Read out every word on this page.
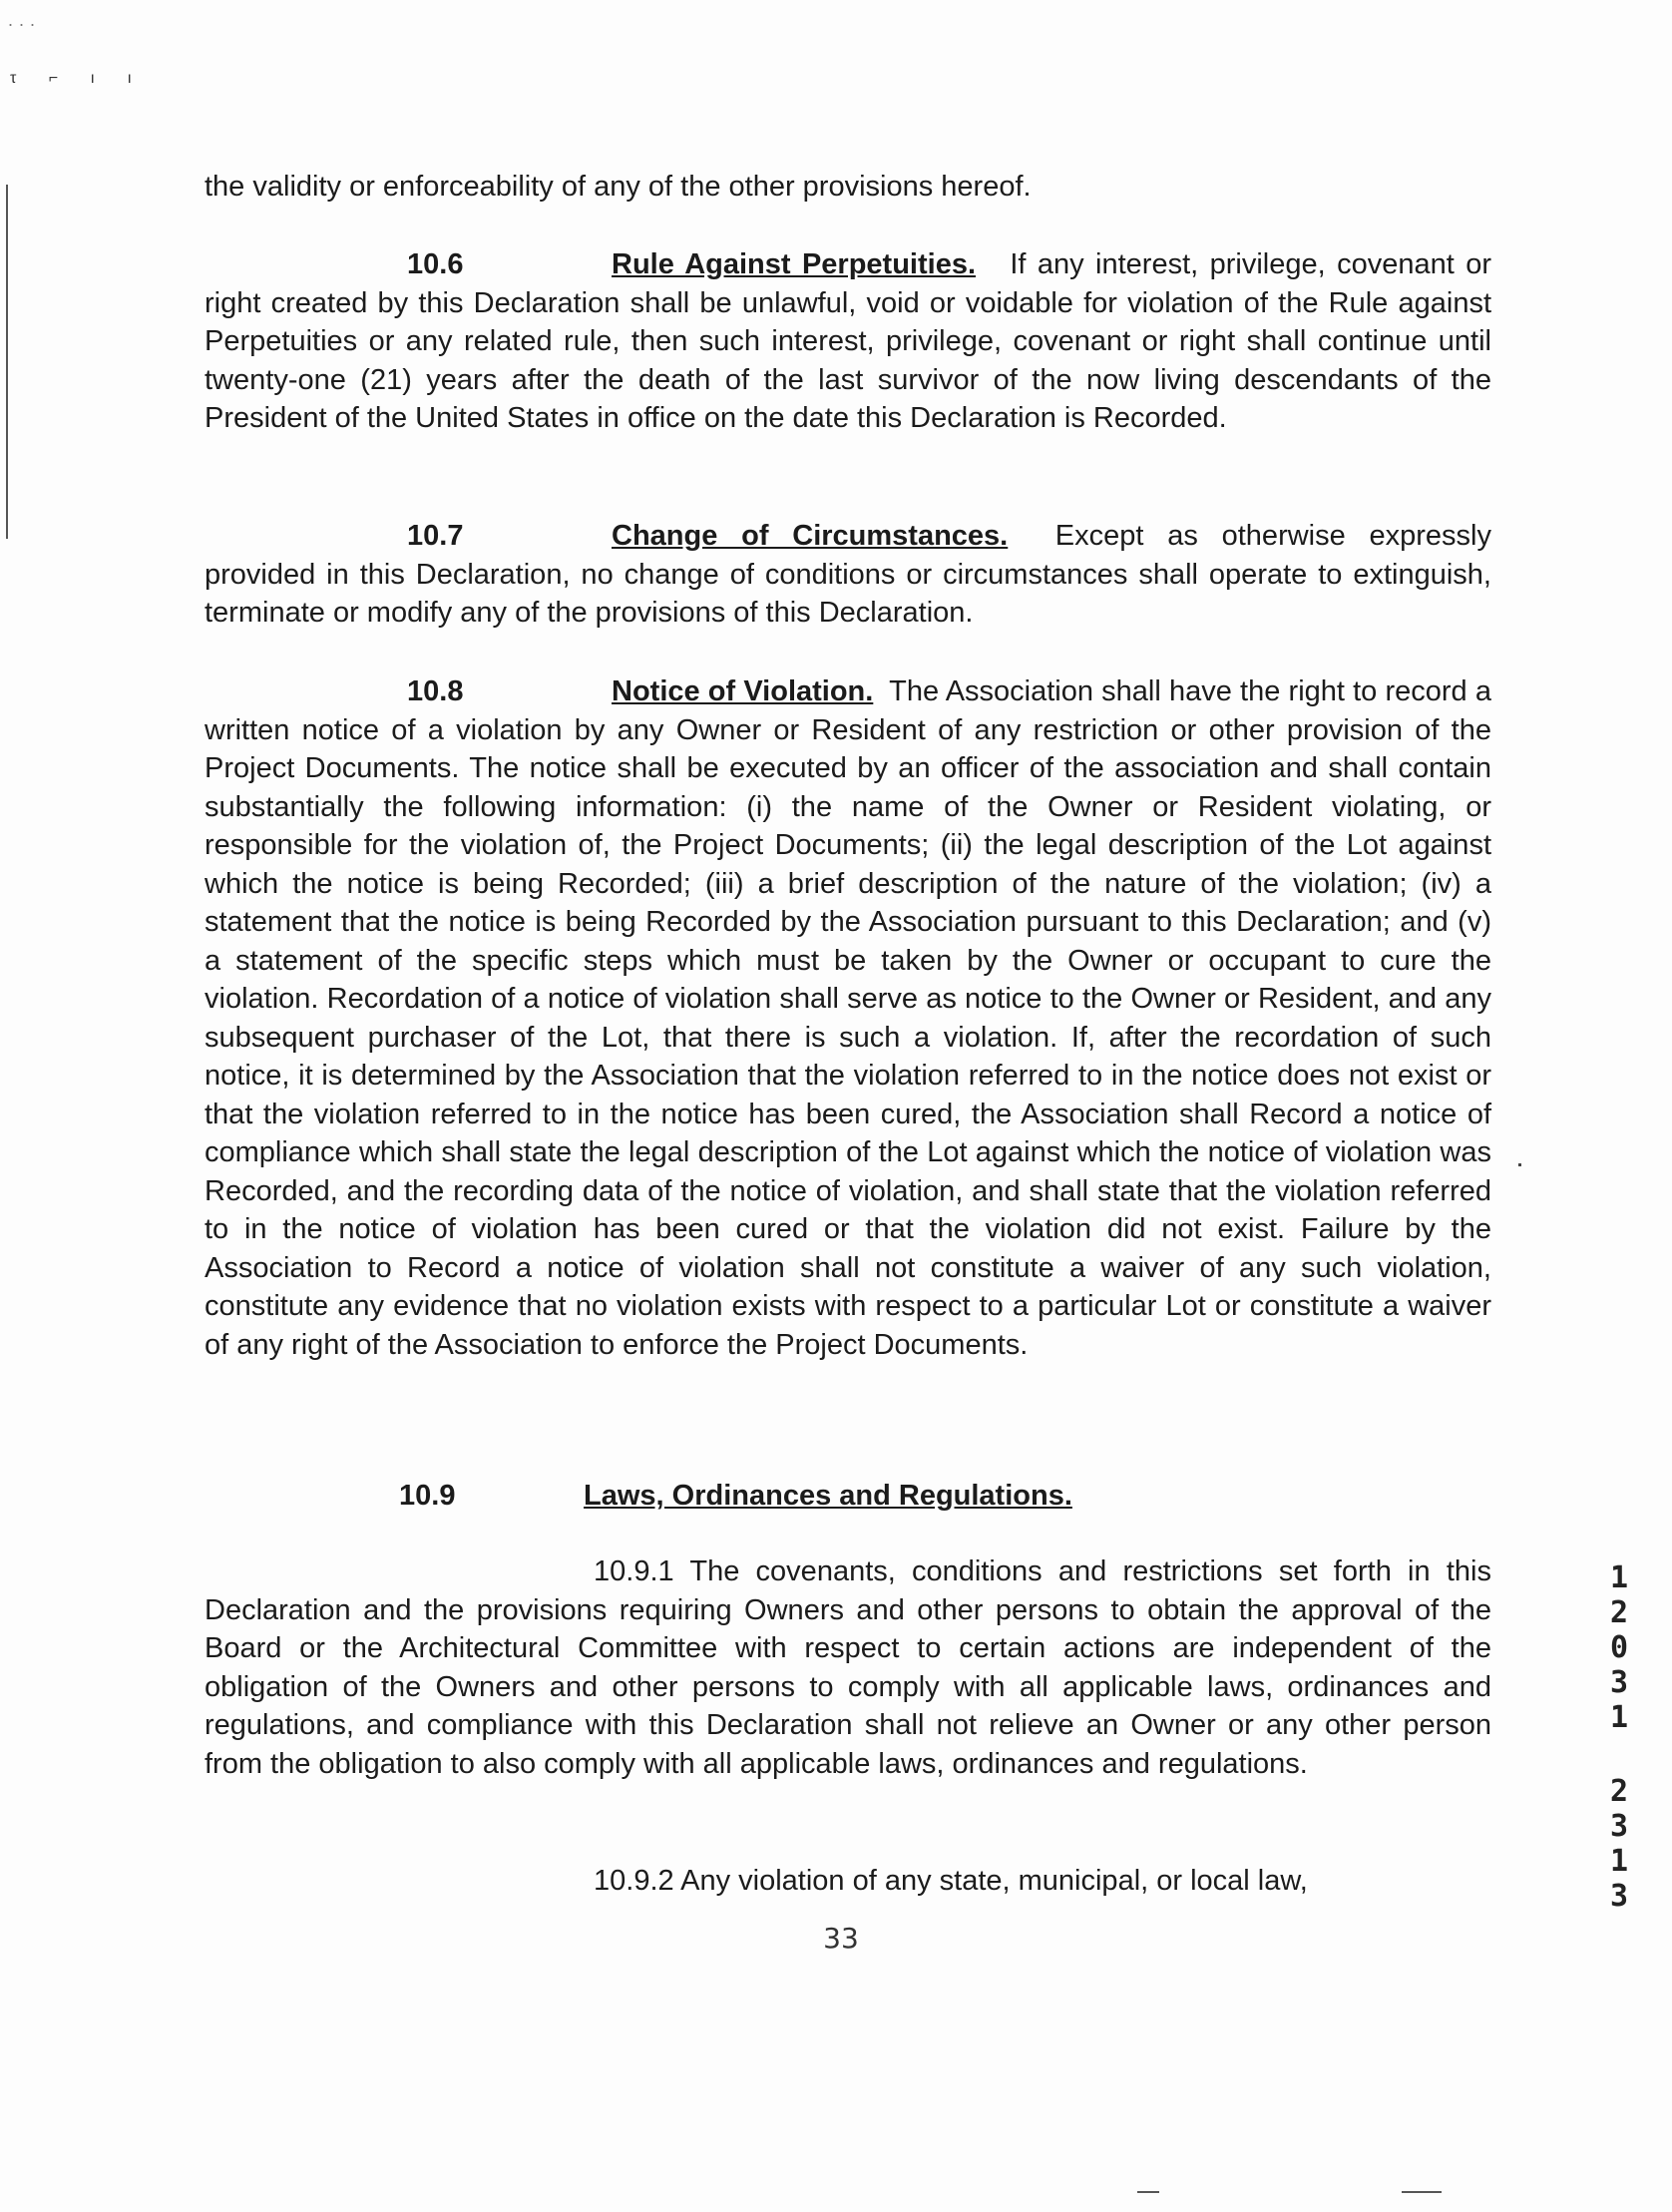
...
τ ⌐ ı ı

the validity or enforceability of any of the other provisions hereof.

10.6	Rule Against Perpetuities. If any interest, privilege, covenant or right created by this Declaration shall be unlawful, void or voidable for violation of the Rule against Perpetuities or any related rule, then such interest, privilege, covenant or right shall continue until twenty-one (21) years after the death of the last survivor of the now living descendants of the President of the United States in office on the date this Declaration is Recorded.

10.7	Change of Circumstances. Except as otherwise expressly provided in this Declaration, no change of conditions or circumstances shall operate to extinguish, terminate or modify any of the provisions of this Declaration.

10.8	Notice of Violation. The Association shall have the right to record a written notice of a violation by any Owner or Resident of any restriction or other provision of the Project Documents. The notice shall be executed by an officer of the association and shall contain substantially the following information: (i) the name of the Owner or Resident violating, or responsible for the violation of, the Project Documents; (ii) the legal description of the Lot against which the notice is being Recorded; (iii) a brief description of the nature of the violation; (iv) a statement that the notice is being Recorded by the Association pursuant to this Declaration; and (v) a statement of the specific steps which must be taken by the Owner or occupant to cure the violation. Recordation of a notice of violation shall serve as notice to the Owner or Resident, and any subsequent purchaser of the Lot, that there is such a violation. If, after the recordation of such notice, it is determined by the Association that the violation referred to in the notice does not exist or that the violation referred to in the notice has been cured, the Association shall Record a notice of compliance which shall state the legal description of the Lot against which the notice of violation was Recorded, and the recording data of the notice of violation, and shall state that the violation referred to in the notice of violation has been cured or that the violation did not exist. Failure by the Association to Record a notice of violation shall not constitute a waiver of any such violation, constitute any evidence that no violation exists with respect to a particular Lot or constitute a waiver of any right of the Association to enforce the Project Documents.

10.9	Laws, Ordinances and Regulations.

10.9.1 The covenants, conditions and restrictions set forth in this Declaration and the provisions requiring Owners and other persons to obtain the approval of the Board or the Architectural Committee with respect to certain actions are independent of the obligation of the Owners and other persons to comply with all applicable laws, ordinances and regulations, and compliance with this Declaration shall not relieve an Owner or any other person from the obligation to also comply with all applicable laws, ordinances and regulations.

10.9.2 Any violation of any state, municipal, or local law,

33
1
2
0
3
1
2
3
1
3
